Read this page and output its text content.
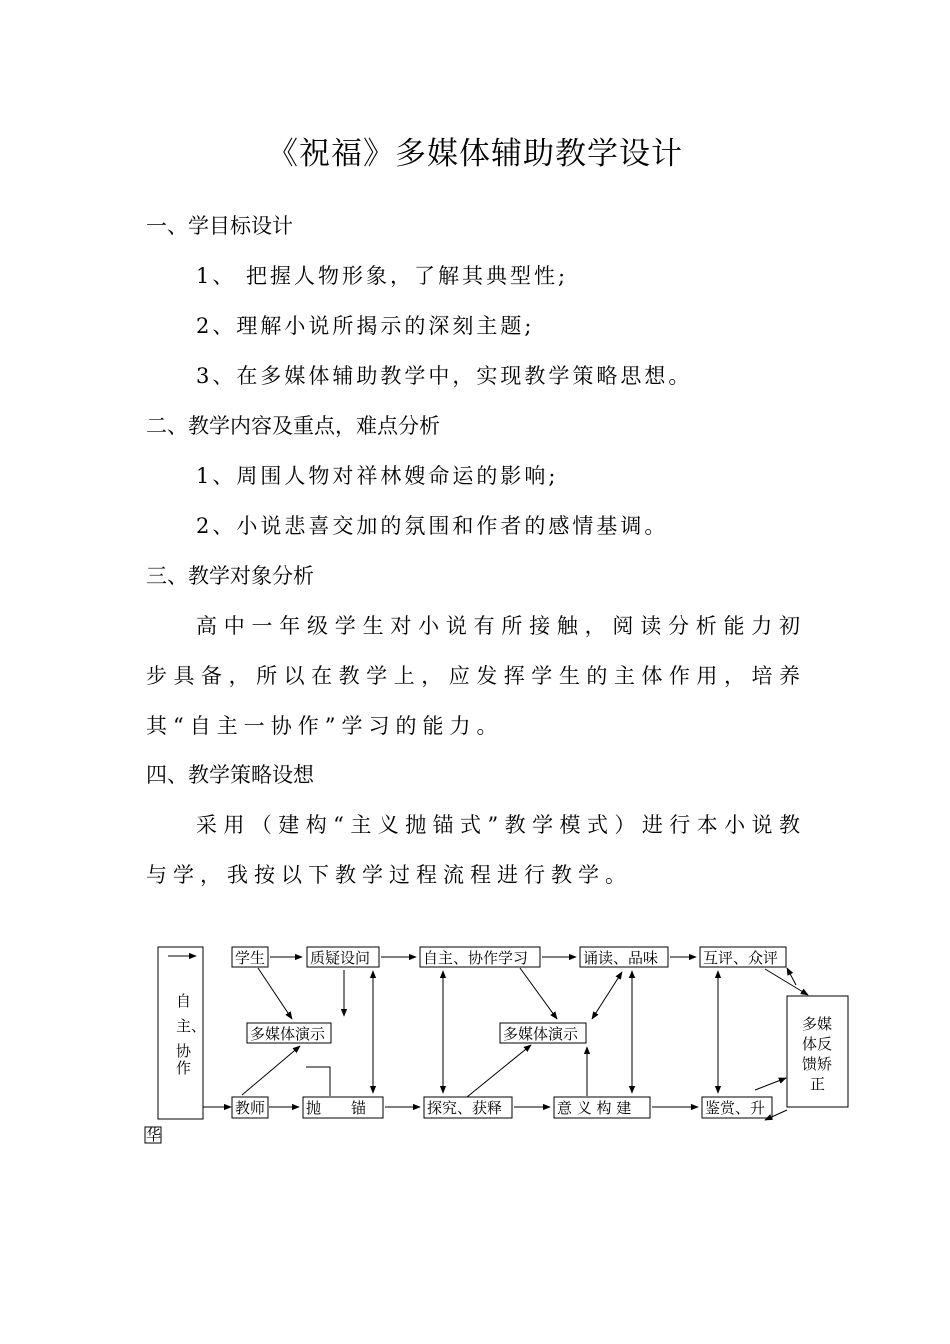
《祝福》多媒体辅助教学设计
一、学目标设计
1、 把握人物形象，了解其典型性;
2、理解小说所揭示的深刻主题;
3、在多媒体辅助教学中，实现教学策略思想。
二、教学内容及重点，难点分析
1、周围人物对祥林嫂命运的影响;
2、小说悲喜交加的氛围和作者的感情基调。
三、教学对象分析
高中一年级学生对小说有所接触，阅读分析能力初步具备，所以在教学上，应发挥学生的主体作用，培养其“自主一协作”学习的能力。
四、教学策略设想
采用（建构“主义抛锚式”教学模式）进行本小说教与学，我按以下教学过程流程进行教学。
自
主、
协
作
学生
教师
质疑设问	自主、协作学习	诵读、品味	互评、众评
抛　　锚	探究、获释	意 义 构 建	鉴赏、升
多媒体演示	多媒体演示
多媒
体反
馈矫
正
华
